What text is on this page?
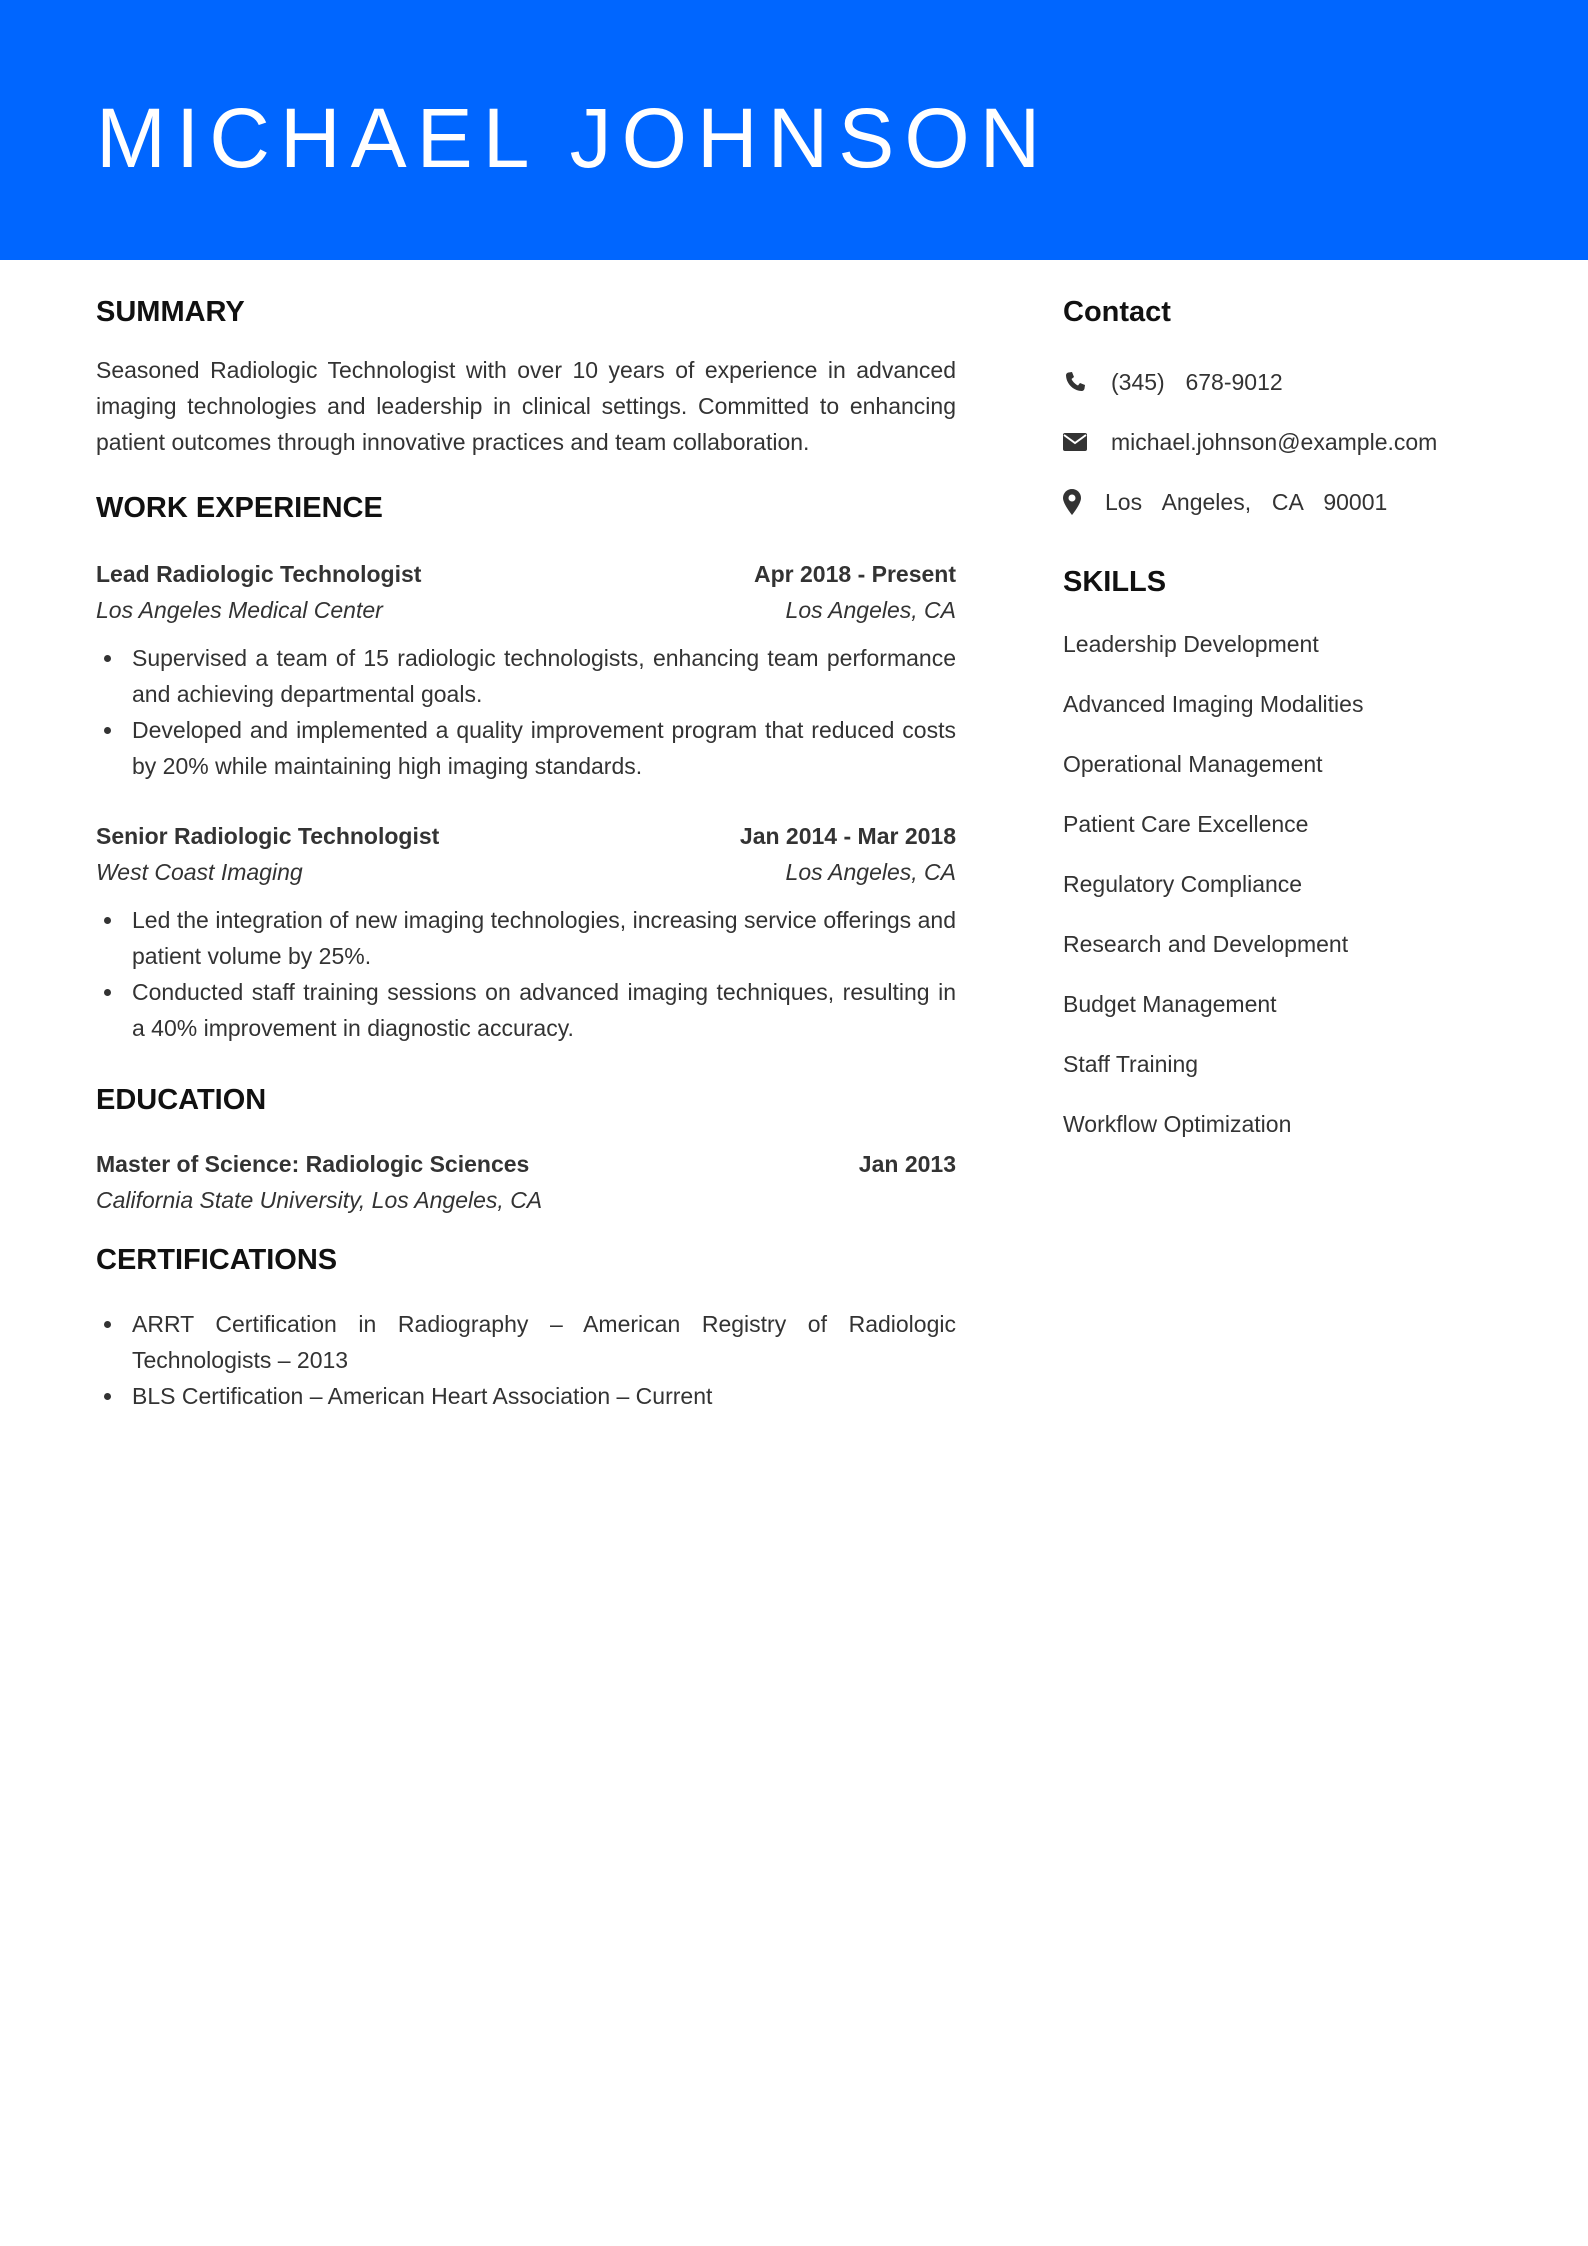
MICHAEL JOHNSON
SUMMARY
Seasoned Radiologic Technologist with over 10 years of experience in advanced imaging technologies and leadership in clinical settings. Committed to enhancing patient outcomes through innovative practices and team collaboration.
WORK EXPERIENCE
Lead Radiologic Technologist	Apr 2018 - Present
Los Angeles Medical Center	Los Angeles, CA
Supervised a team of 15 radiologic technologists, enhancing team performance and achieving departmental goals.
Developed and implemented a quality improvement program that reduced costs by 20% while maintaining high imaging standards.
Senior Radiologic Technologist	Jan 2014 - Mar 2018
West Coast Imaging	Los Angeles, CA
Led the integration of new imaging technologies, increasing service offerings and patient volume by 25%.
Conducted staff training sessions on advanced imaging techniques, resulting in a 40% improvement in diagnostic accuracy.
EDUCATION
Master of Science: Radiologic Sciences	Jan 2013
California State University, Los Angeles, CA
CERTIFICATIONS
ARRT Certification in Radiography – American Registry of Radiologic Technologists – 2013
BLS Certification – American Heart Association – Current
Contact
(345)  678-9012
michael.johnson@example.com
Los  Angeles,  CA  90001
SKILLS
Leadership Development
Advanced Imaging Modalities
Operational Management
Patient Care Excellence
Regulatory Compliance
Research and Development
Budget Management
Staff Training
Workflow Optimization
